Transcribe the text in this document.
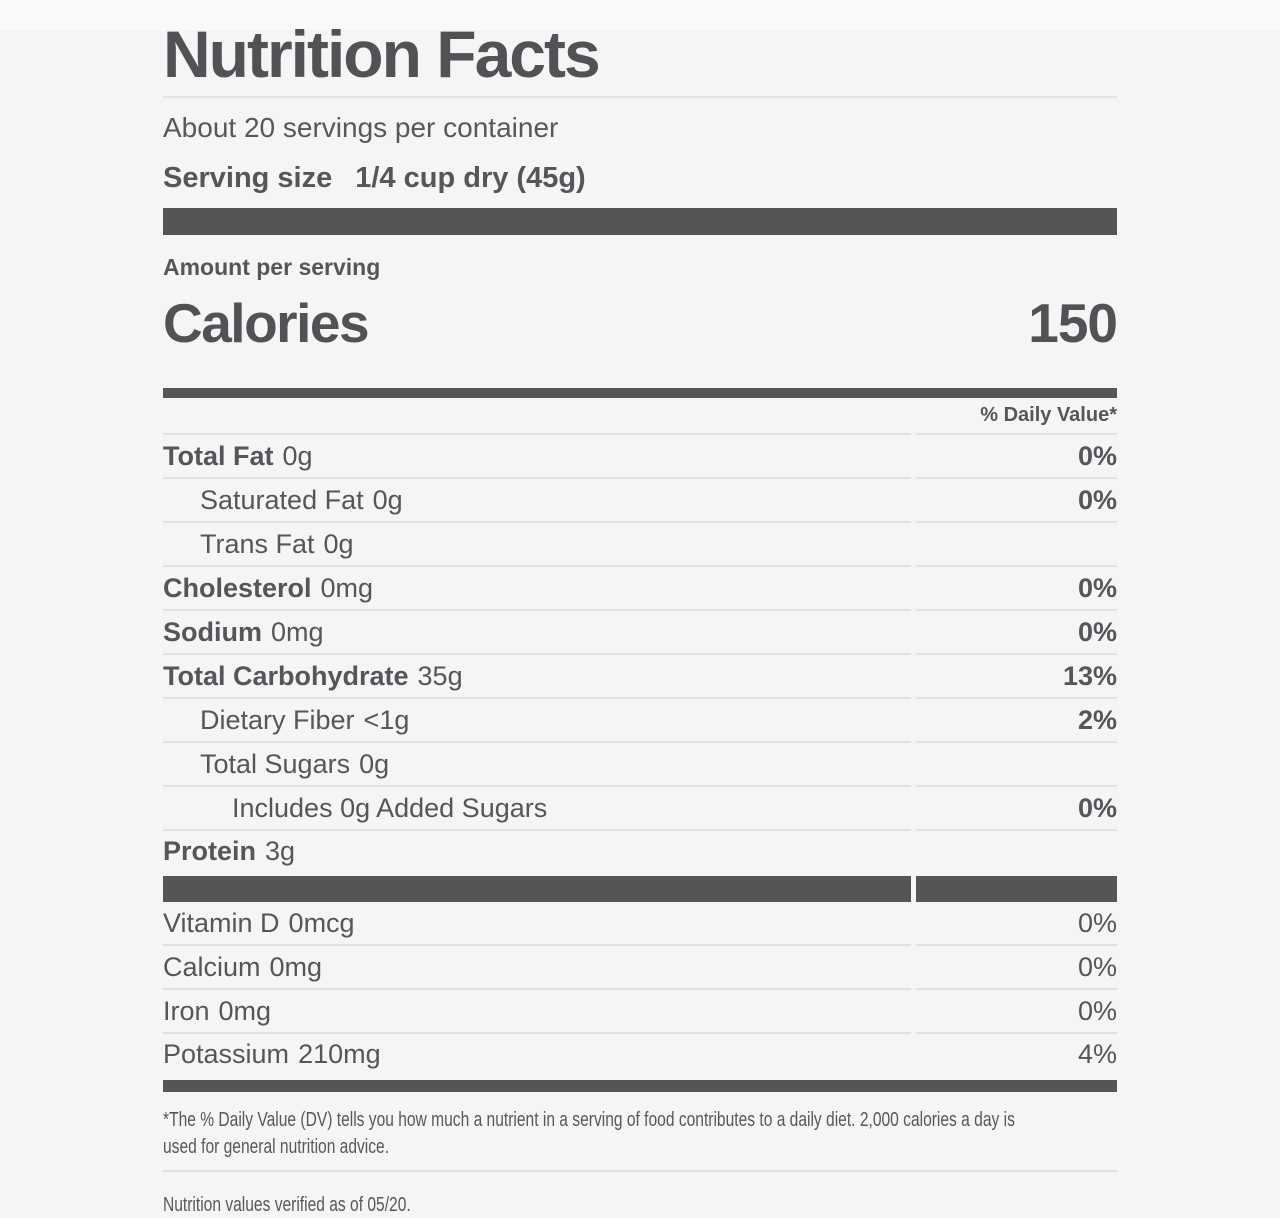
Nutrition Facts
About 20 servings per container
Serving size 1/4 cup dry (45g)
Amount per serving
Calories	150
% Daily Value*
Total Fat 0g	0%
Saturated Fat 0g	0%
Trans Fat 0g
Cholesterol 0mg	0%
Sodium 0mg	0%
Total Carbohydrate 35g	13%
Dietary Fiber <1g	2%
Total Sugars 0g
Includes 0g Added Sugars	0%
Protein 3g
Vitamin D 0mcg	0%
Calcium 0mg	0%
Iron 0mg	0%
Potassium 210mg	4%
*The % Daily Value (DV) tells you how much a nutrient in a serving of food contributes to a daily diet. 2,000 calories a day is
used for general nutrition advice.
Nutrition values verified as of 05/20.
